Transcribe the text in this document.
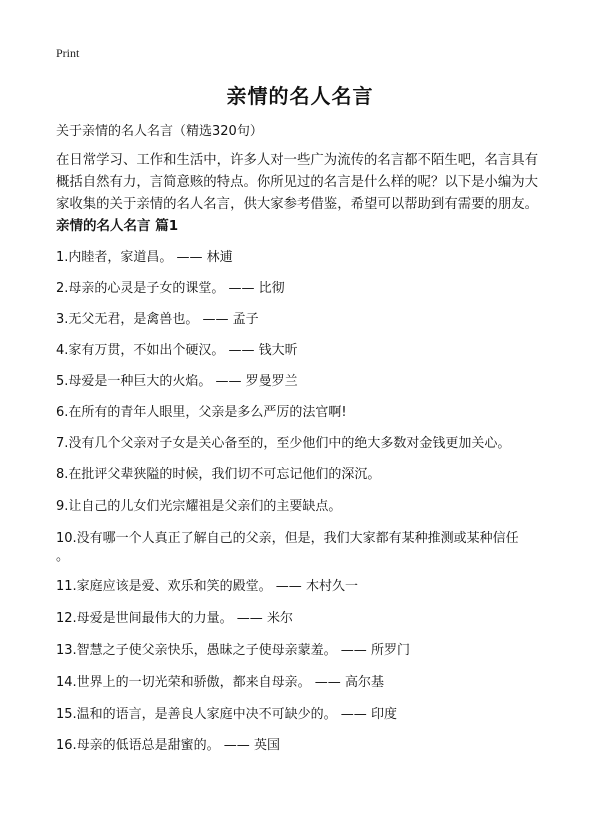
Print
亲情的名人名言

关于亲情的名人名言（精选320句）

在日常学习、工作和生活中，许多人对一些广为流传的名言都不陌生吧，名言具有概括自然有力，言简意赅的特点。你所见过的名言是什么样的呢？以下是小编为大家收集的关于亲情的名人名言，供大家参考借鉴，希望可以帮助到有需要的朋友。

亲情的名人名言 篇1
1.内睦者，家道昌。 —— 林逋
2.母亲的心灵是子女的课堂。 —— 比彻
3.无父无君，是禽兽也。 —— 孟子
4.家有万贯，不如出个硬汉。 —— 钱大昕
5.母爱是一种巨大的火焰。 —— 罗曼罗兰
6.在所有的青年人眼里，父亲是多么严厉的法官啊!
7.没有几个父亲对子女是关心备至的，至少他们中的绝大多数对金钱更加关心。
8.在批评父辈狭隘的时候，我们切不可忘记他们的深沉。
9.让自己的儿女们光宗耀祖是父亲们的主要缺点。
10.没有哪一个人真正了解自己的父亲，但是，我们大家都有某种推测或某种信任
。
11.家庭应该是爱、欢乐和笑的殿堂。 —— 木村久一
12.母爱是世间最伟大的力量。 —— 米尔
13.智慧之子使父亲快乐，愚昧之子使母亲蒙羞。 —— 所罗门
14.世界上的一切光荣和骄傲，都来自母亲。 —— 高尔基
15.温和的语言，是善良人家庭中决不可缺少的。 —— 印度
16.母亲的低语总是甜蜜的。 —— 英国
